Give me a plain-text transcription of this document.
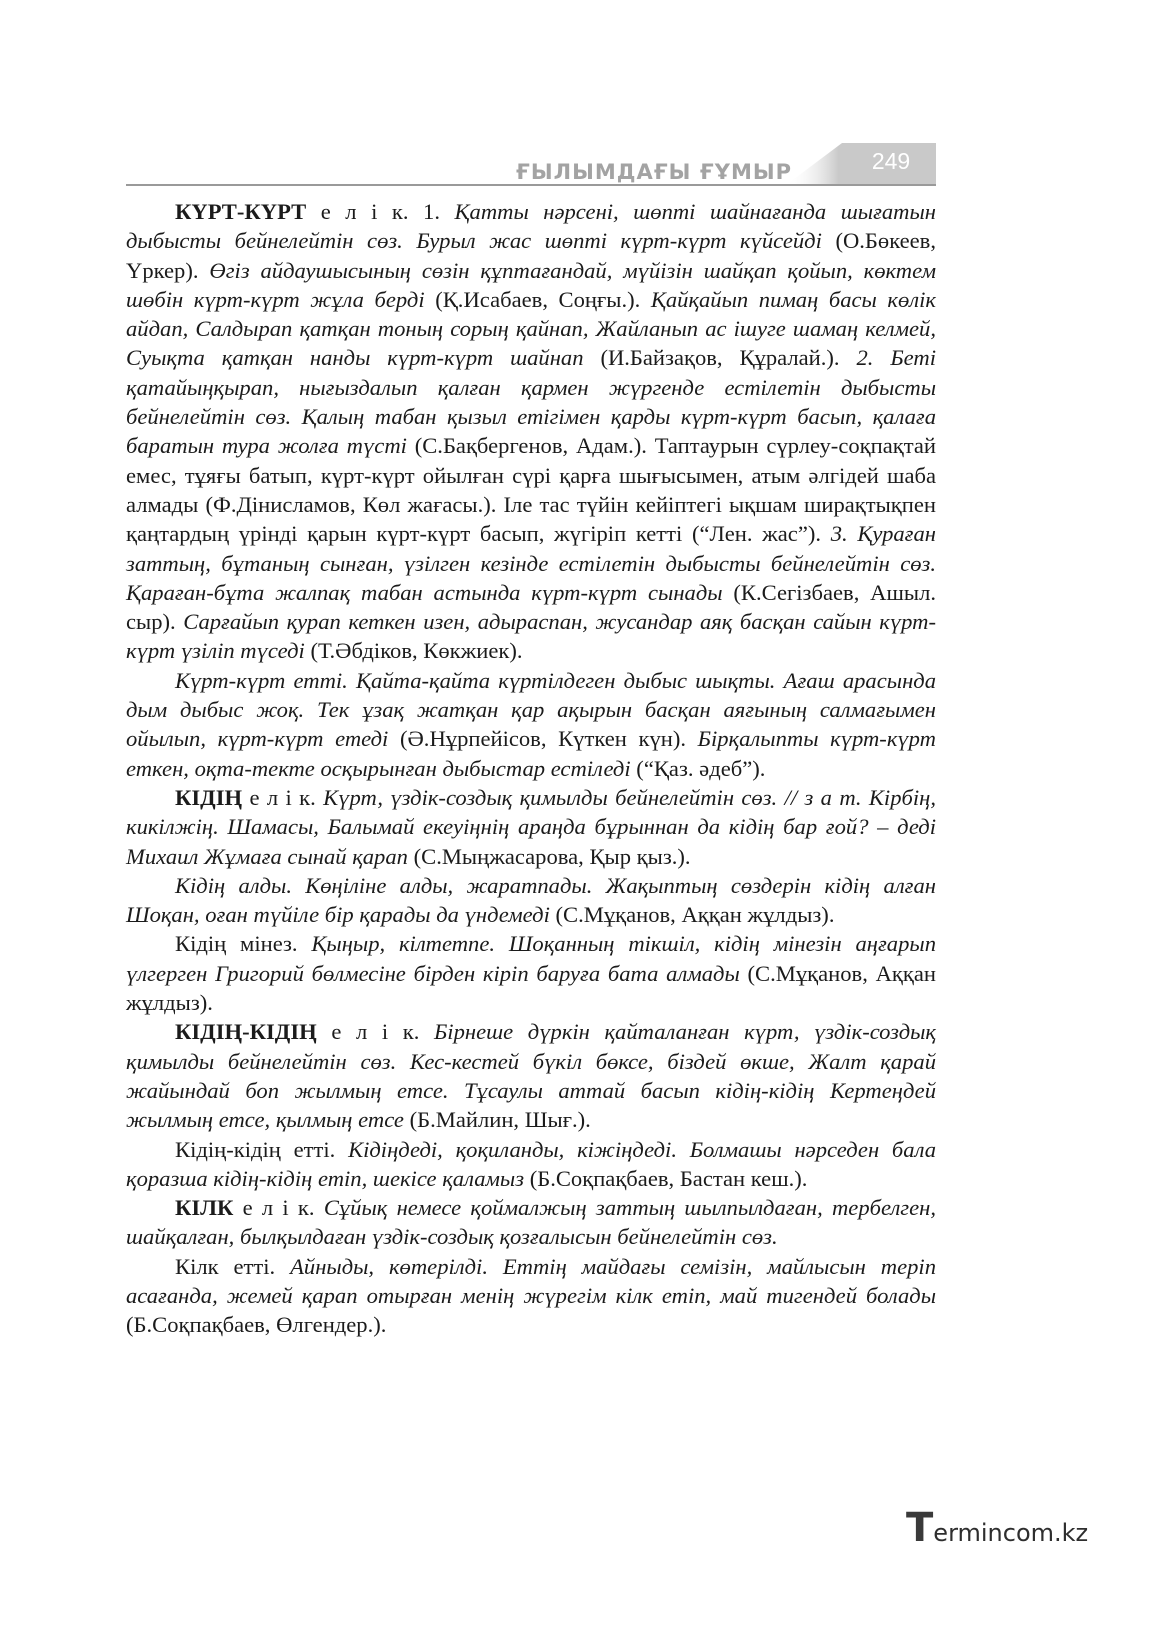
ҒЫЛЫМДАҒЫ ҒҰМЫР	249

КҮРТ-КҮРТ е л і к. 1. Қатты нәрсені, шөпті шайнағанда шығатын дыбысты бейнелейтін сөз. Бурыл жас шөпті күрт-күрт күйсейді (О.Бөкеев, Үркер). Өгіз айдаушысының сөзін құптағандай, мүйізін шайқап қойып, көктем шөбін күрт-күрт жұла берді (Қ.Исабаев, Соңғы.). Қайқайып пимаң басы көлік айдап, Салдырап қатқан тоның сорың қайнап, Жайланып ас ішуге шамаң келмей, Суықта қатқан нанды күрт-күрт шайнап (И.Байзақов, Құралай.). 2. Беті қатайыңқырап, нығыздалып қалған қармен жүргенде естілетін дыбысты бейнелейтін сөз. Қалың табан қызыл етігімен қарды күрт-күрт басып, қалаға баратын тура жолға түсті (С.Бақбергенов, Адам.). Таптаурын сүрлеу-соқпақтай емес, тұяғы батып, күрт-күрт ойылған сүрі қарға шығысымен, атым әлгідей шаба алмады (Ф.Дінисламов, Көл жағасы.). Іле тас түйін кейіптегі ықшам ширақтықпен қаңтардың үрінді қарын күрт-күрт басып, жүгіріп кетті (“Лен. жас”). 3. Қураған заттың, бұтаның сынған, үзілген кезінде естілетін дыбысты бейнелейтін сөз. Қараған-бұта жалпақ табан астында күрт-күрт сынады (К.Сегізбаев, Ашыл. сыр). Сарғайып қурап кеткен изен, адыраспан, жусандар аяқ басқан сайын күрт-күрт үзіліп түседі (Т.Әбдіков, Көкжиек).

Күрт-күрт етті. Қайта-қайта күртілдеген дыбыс шықты. Ағаш арасында дым дыбыс жоқ. Тек ұзақ жатқан қар ақырын басқан аяғының салмағымен ойылып, күрт-күрт етеді (Ә.Нұрпейісов, Күткен күн). Бірқалыпты күрт-күрт еткен, оқта-текте осқырынған дыбыстар естіледі (“Қаз. әдеб”).

КІДІҢ е л і к. Күрт, үздік-создық қимылды бейнелейтін сөз. // з а т. Кірбің, кикілжің. Шамасы, Балымай екеуіңнің араңда бұрыннан да кідің бар ғой? – деді Михаил Жұмаға сынай қарап (С.Мыңжасарова, Қыр қыз.).

Кідің алды. Көңіліне алды, жаратпады. Жақыптың сөздерін кідің алған Шоқан, оған түйіле бір қарады да үндемеді (С.Мұқанов, Аққан жұлдыз).

Кідің мінез. Қыңыр, кілтетпе. Шоқанның тікшіл, кідің мінезін аңғарып үлгерген Григорий бөлмесіне бірден кіріп баруға бата алмады (С.Мұқанов, Аққан жұлдыз).

КІДІҢ-КІДІҢ е л і к. Бірнеше дүркін қайталанған күрт, үздік-создық қимылды бейнелейтін сөз. Кес-кестей бүкіл бөксе, біздей өкше, Жалт қарай жайындай боп жылмың етсе. Тұсаулы аттай басып кідің-кідің Кертеңдей жылмың етсе, қылмың етсе (Б.Майлин, Шығ.).

Кідің-кідің етті. Кідіңдеді, қоқиланды, кіжіңдеді. Болмашы нәрседен бала қоразша кідің-кідің етіп, шекісе қаламыз (Б.Соқпақбаев, Бастан кеш.).

КІЛК е л і к. Сұйық немесе қоймалжың заттың шылпылдаған, тербелген, шайқалған, былқылдаған үздік-создық қозғалысын бейнелейтін сөз.

Кілк етті. Айныды, көтерілді. Еттің майдағы семізін, майлысын теріп асағанда, жемей қарап отырған менің жүрегім кілк етіп, май тигендей болады (Б.Соқпақбаев, Өлгендер.).

Termincom.kz
